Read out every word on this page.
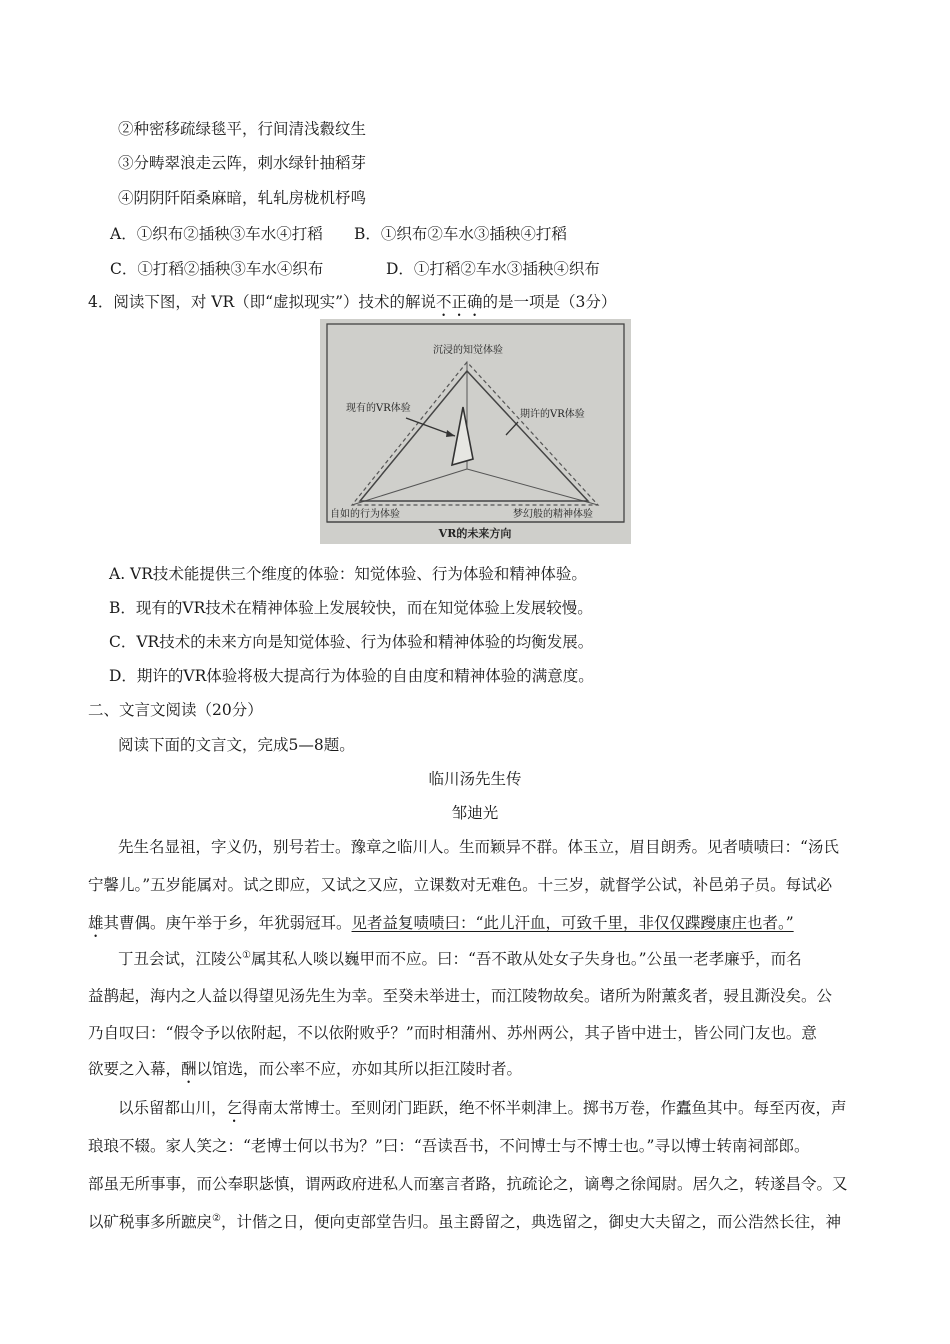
②种密移疏绿毯平，行间清浅縠纹生
③分畴翠浪走云阵，刺水绿针抽稻芽
④阴阴阡陌桑麻暗，轧轧房栊机杼鸣
A．①织布②插秧③车水④打稻 B．①织布②车水③插秧④打稻
C．①打稻②插秧③车水④织布	D．①打稻②车水③插秧④织布
4．阅读下图，对 VR（即“虚拟现实”）技术的解说不正确的是一项是（3分）
沉浸的知觉体验
现有的VR体验
期许的VR体验
自如的行为体验	梦幻般的精神体验
VR的未来方向
A. VR技术能提供三个维度的体验：知觉体验、行为体验和精神体验。
B．现有的VR技术在精神体验上发展较快，而在知觉体验上发展较慢。
C．VR技术的未来方向是知觉体验、行为体验和精神体验的均衡发展。
D．期许的VR体验将极大提高行为体验的自由度和精神体验的满意度。
二、文言文阅读（20分）
阅读下面的文言文，完成5—8题。
临川汤先生传
邹迪光
先生名显祖，字义仍，别号若士。豫章之临川人。生而颖异不群。体玉立，眉目朗秀。见者啧啧曰：“汤氏
宁馨儿。”五岁能属对。试之即应，又试之又应，立课数对无难色。十三岁，就督学公试，补邑弟子员。每试必
雄其曹偶。庚午举于乡，年犹弱冠耳。见者益复啧啧曰：“此儿汗血，可致千里，非仅仅蹀躞康庄也者。”
丁丑会试，江陵公①属其私人啖以巍甲而不应。曰：“吾不敢从处女子失身也。”公虽一老孝廉乎，而名
益鹊起，海内之人益以得望见汤先生为幸。至癸未举进士，而江陵物故矣。诸所为附薰炙者，骎且澌没矣。公
乃自叹曰：“假令予以依附起，不以依附败乎？”而时相蒲州、苏州两公，其子皆中进士，皆公同门友也。意
欲要之入幕，酬以馆选，而公率不应，亦如其所以拒江陵时者。
以乐留都山川，乞得南太常博士。至则闭门距跃，绝不怀半刺津上。掷书万卷，作蠹鱼其中。每至丙夜，声
琅琅不辍。家人笑之：“老博士何以书为？”曰：“吾读吾书，不问博士与不博士也。”寻以博士转南祠部郎。
部虽无所事事，而公奉职毖慎，谓两政府进私人而塞言者路，抗疏论之，谪粤之徐闻尉。居久之，转遂昌令。又
以矿税事多所蹠戾②，计偕之日，便向吏部堂告归。虽主爵留之，典选留之，御史大夫留之，而公浩然长往，神
